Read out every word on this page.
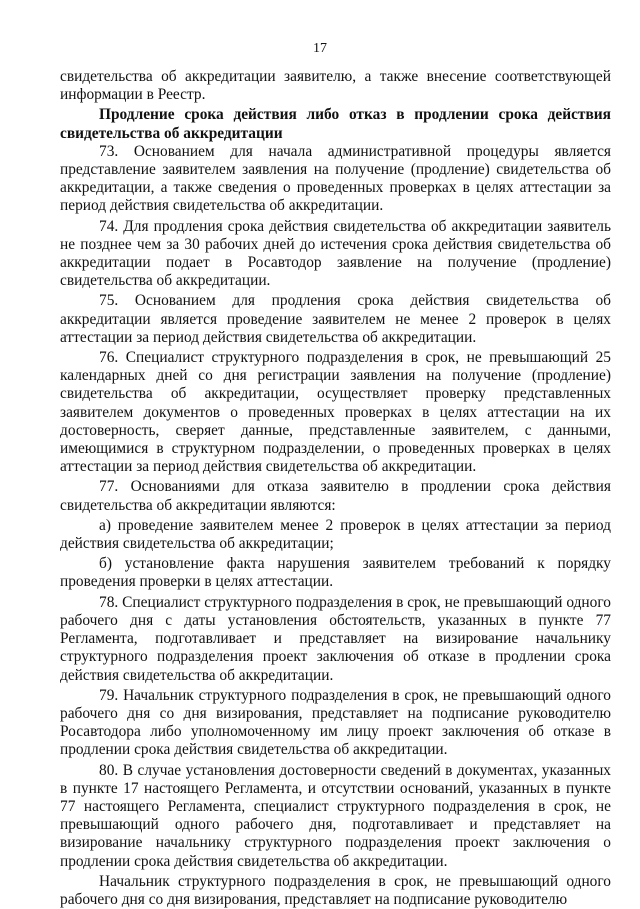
17

свидетельства об аккредитации заявителю, а также внесение соответствующей информации в Реестр.

Продление срока действия либо отказ в продлении срока действия свидетельства об аккредитации

73. Основанием для начала административной процедуры является представление заявителем заявления на получение (продление) свидетельства об аккредитации, а также сведения о проведенных проверках в целях аттестации за период действия свидетельства об аккредитации.

74. Для продления срока действия свидетельства об аккредитации заявитель не позднее чем за 30 рабочих дней до истечения срока действия свидетельства об аккредитации подает в Росавтодор заявление на получение (продление) свидетельства об аккредитации.

75. Основанием для продления срока действия свидетельства об аккредитации является проведение заявителем не менее 2 проверок в целях аттестации за период действия свидетельства об аккредитации.

76. Специалист структурного подразделения в срок, не превышающий 25 календарных дней со дня регистрации заявления на получение (продление) свидетельства об аккредитации, осуществляет проверку представленных заявителем документов о проведенных проверках в целях аттестации на их достоверность, сверяет данные, представленные заявителем, с данными, имеющимися в структурном подразделении, о проведенных проверках в целях аттестации за период действия свидетельства об аккредитации.

77. Основаниями для отказа заявителю в продлении срока действия свидетельства об аккредитации являются:

а) проведение заявителем менее 2 проверок в целях аттестации за период действия свидетельства об аккредитации;

б) установление факта нарушения заявителем требований к порядку проведения проверки в целях аттестации.

78. Специалист структурного подразделения в срок, не превышающий одного рабочего дня с даты установления обстоятельств, указанных в пункте 77 Регламента, подготавливает и представляет на визирование начальнику структурного подразделения проект заключения об отказе в продлении срока действия свидетельства об аккредитации.

79. Начальник структурного подразделения в срок, не превышающий одного рабочего дня со дня визирования, представляет на подписание руководителю Росавтодора либо уполномоченному им лицу проект заключения об отказе в продлении срока действия свидетельства об аккредитации.

80. В случае установления достоверности сведений в документах, указанных в пункте 17 настоящего Регламента, и отсутствии оснований, указанных в пункте 77 настоящего Регламента, специалист структурного подразделения в срок, не превышающий одного рабочего дня, подготавливает и представляет на визирование начальнику структурного подразделения проект заключения о продлении срока действия свидетельства об аккредитации.

Начальник структурного подразделения в срок, не превышающий одного рабочего дня со дня визирования, представляет на подписание руководителю
